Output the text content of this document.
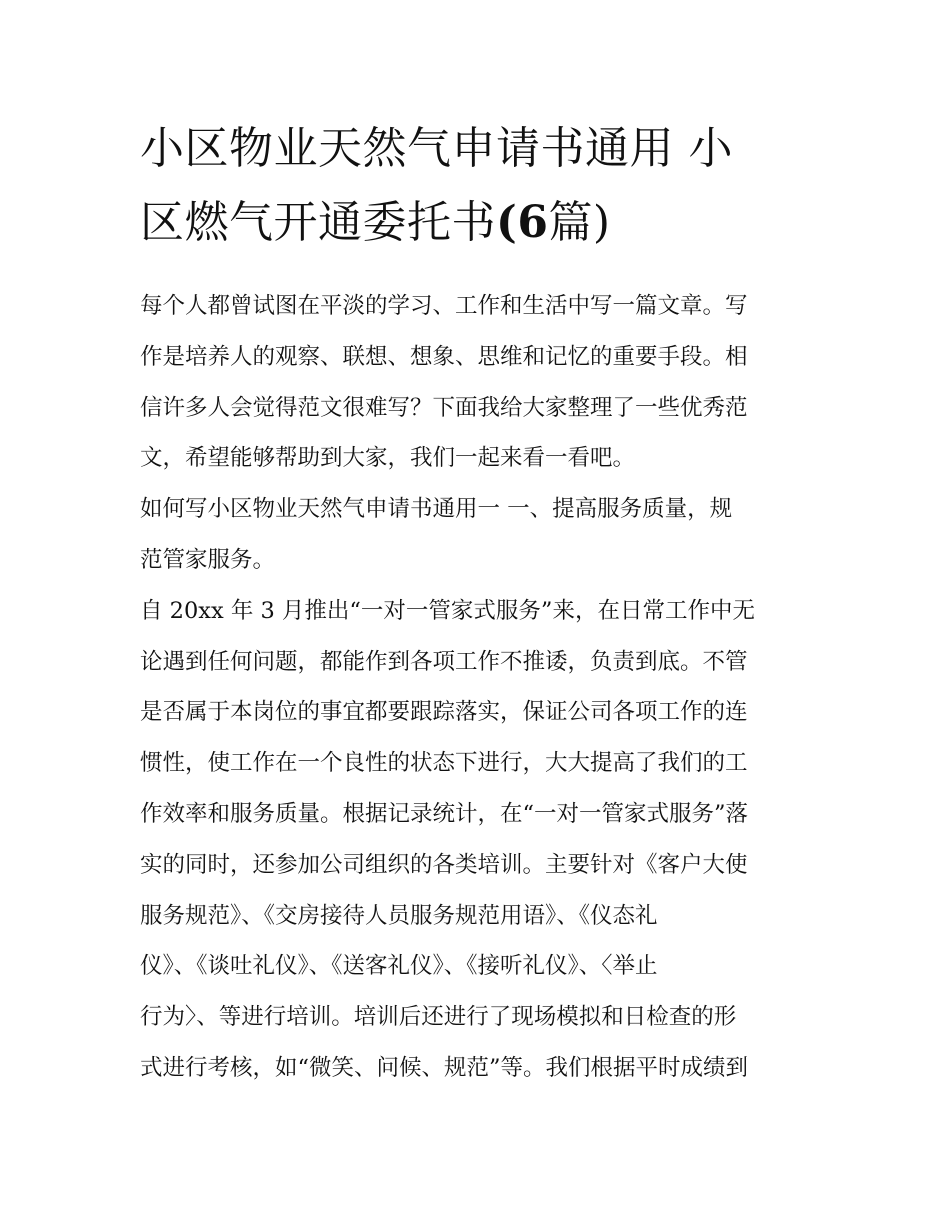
小区物业天然气申请书通用 小
区燃气开通委托书(6篇)
每个人都曾试图在平淡的学习、工作和生活中写一篇文章。写
作是培养人的观察、联想、想象、思维和记忆的重要手段。相
信许多人会觉得范文很难写？下面我给大家整理了一些优秀范
文，希望能够帮助到大家，我们一起来看一看吧。
如何写小区物业天然气申请书通用一 一、提高服务质量，规
范管家服务。
自 20xx 年 3 月推出“一对一管家式服务”来，在日常工作中无
论遇到任何问题，都能作到各项工作不推诿，负责到底。不管
是否属于本岗位的事宜都要跟踪落实，保证公司各项工作的连
惯性，使工作在一个良性的状态下进行，大大提高了我们的工
作效率和服务质量。根据记录统计，在“一对一管家式服务”落
实的同时，还参加公司组织的各类培训。主要针对《客户大使
服务规范》、《交房接待人员服务规范用语》、《仪态礼
仪》、《谈吐礼仪》、《送客礼仪》、《接听礼仪》、〈举止
行为〉、等进行培训。培训后还进行了现场模拟和日检查的形
式进行考核，如“微笑、问候、规范”等。我们根据平时成绩到
